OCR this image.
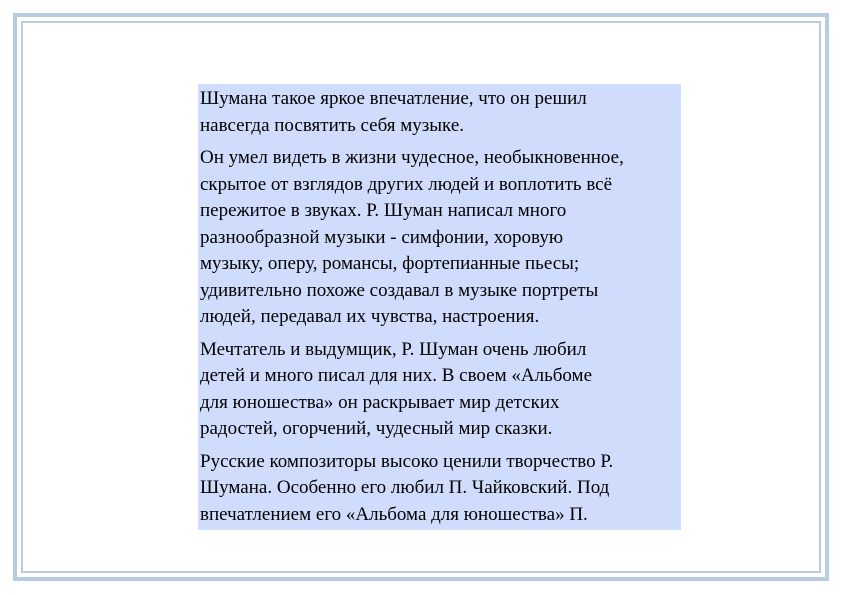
Шумана такое яркое впечатление, что он решил
навсегда посвятить себя музыке.

Он умел видеть в жизни чудесное, необыкновенное,
скрытое от взглядов других людей и воплотить всё
пережитое в звуках. Р. Шуман написал много
разнообразной музыки - симфонии, хоровую
музыку, оперу, романсы, фортепианные пьесы;
удивительно похоже создавал в музыке портреты
людей, передавал их чувства, настроения.

Мечтатель и выдумщик, Р. Шуман очень любил
детей и много писал для них. В своем «Альбоме
для юношества» он раскрывает мир детских
радостей, огорчений, чудесный мир сказки.

Русские композиторы высоко ценили творчество Р.
Шумана. Особенно его любил П. Чайковский. Под
впечатлением его «Альбома для юношества» П.
